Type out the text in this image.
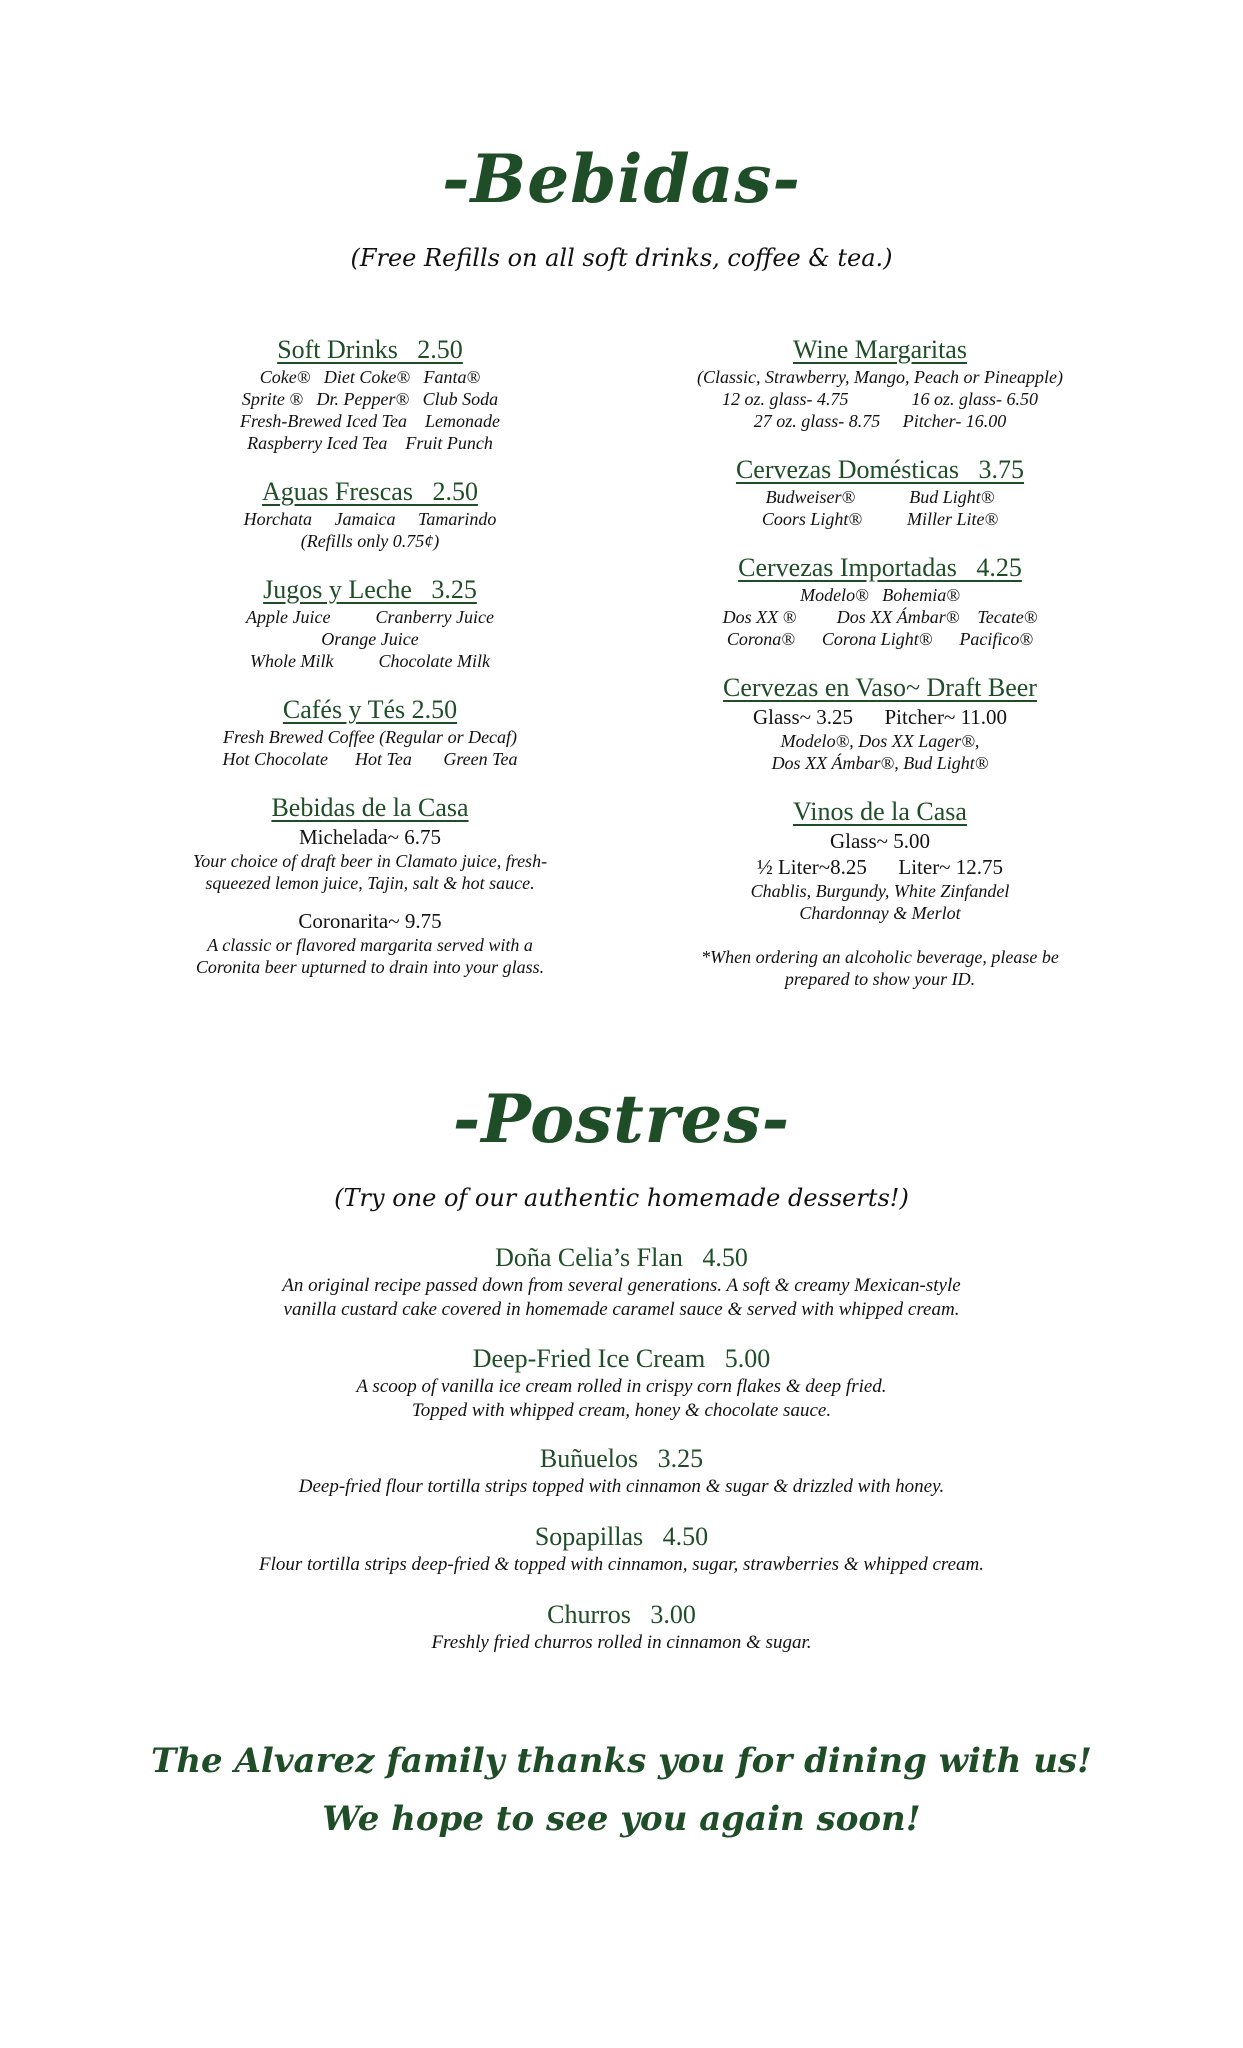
-Bebidas-
(Free Refills on all soft drinks, coffee & tea.)
Soft Drinks   2.50
Coke®   Diet Coke®   Fanta®
Sprite ®   Dr. Pepper®   Club Soda
Fresh-Brewed Iced Tea    Lemonade
Raspberry Iced Tea    Fruit Punch
Aguas Frescas   2.50
Horchata     Jamaica     Tamarindo
(Refills only 0.75¢)
Jugos y Leche   3.25
Apple Juice          Cranberry Juice
Orange Juice
Whole Milk          Chocolate Milk
Cafés y Tés 2.50
Fresh Brewed Coffee (Regular or Decaf)
Hot Chocolate      Hot Tea       Green Tea
Bebidas de la Casa
Michelada~ 6.75
Your choice of draft beer in Clamato juice, fresh-
squeezed lemon juice, Tajin, salt & hot sauce.
Coronarita~ 9.75
A classic or flavored margarita served with a
Coronita beer upturned to drain into your glass.
Wine Margaritas
(Classic, Strawberry, Mango, Peach or Pineapple)
12 oz. glass- 4.75              16 oz. glass- 6.50
27 oz. glass- 8.75     Pitcher- 16.00
Cervezas Domésticas   3.75
Budweiser®            Bud Light®
Coors Light®          Miller Lite®
Cervezas Importadas   4.25
Modelo®   Bohemia®
Dos XX ®         Dos XX Ámbar®    Tecate®
Corona®      Corona Light®      Pacifico®
Cervezas en Vaso~ Draft Beer
Glass~ 3.25      Pitcher~ 11.00
Modelo®, Dos XX Lager®,
Dos XX Ámbar®, Bud Light®
Vinos de la Casa
Glass~ 5.00
½ Liter~8.25      Liter~ 12.75
Chablis, Burgundy, White Zinfandel
Chardonnay & Merlot
*When ordering an alcoholic beverage, please be
prepared to show your ID.
-Postres-
(Try one of our authentic homemade desserts!)
Doña Celia’s Flan   4.50
An original recipe passed down from several generations. A soft & creamy Mexican-style
vanilla custard cake covered in homemade caramel sauce & served with whipped cream.
Deep-Fried Ice Cream   5.00
A scoop of vanilla ice cream rolled in crispy corn flakes & deep fried.
Topped with whipped cream, honey & chocolate sauce.
Buñuelos   3.25
Deep-fried flour tortilla strips topped with cinnamon & sugar & drizzled with honey.
Sopapillas   4.50
Flour tortilla strips deep-fried & topped with cinnamon, sugar, strawberries & whipped cream.
Churros   3.00
Freshly fried churros rolled in cinnamon & sugar.
The Alvarez family thanks you for dining with us!
We hope to see you again soon!
